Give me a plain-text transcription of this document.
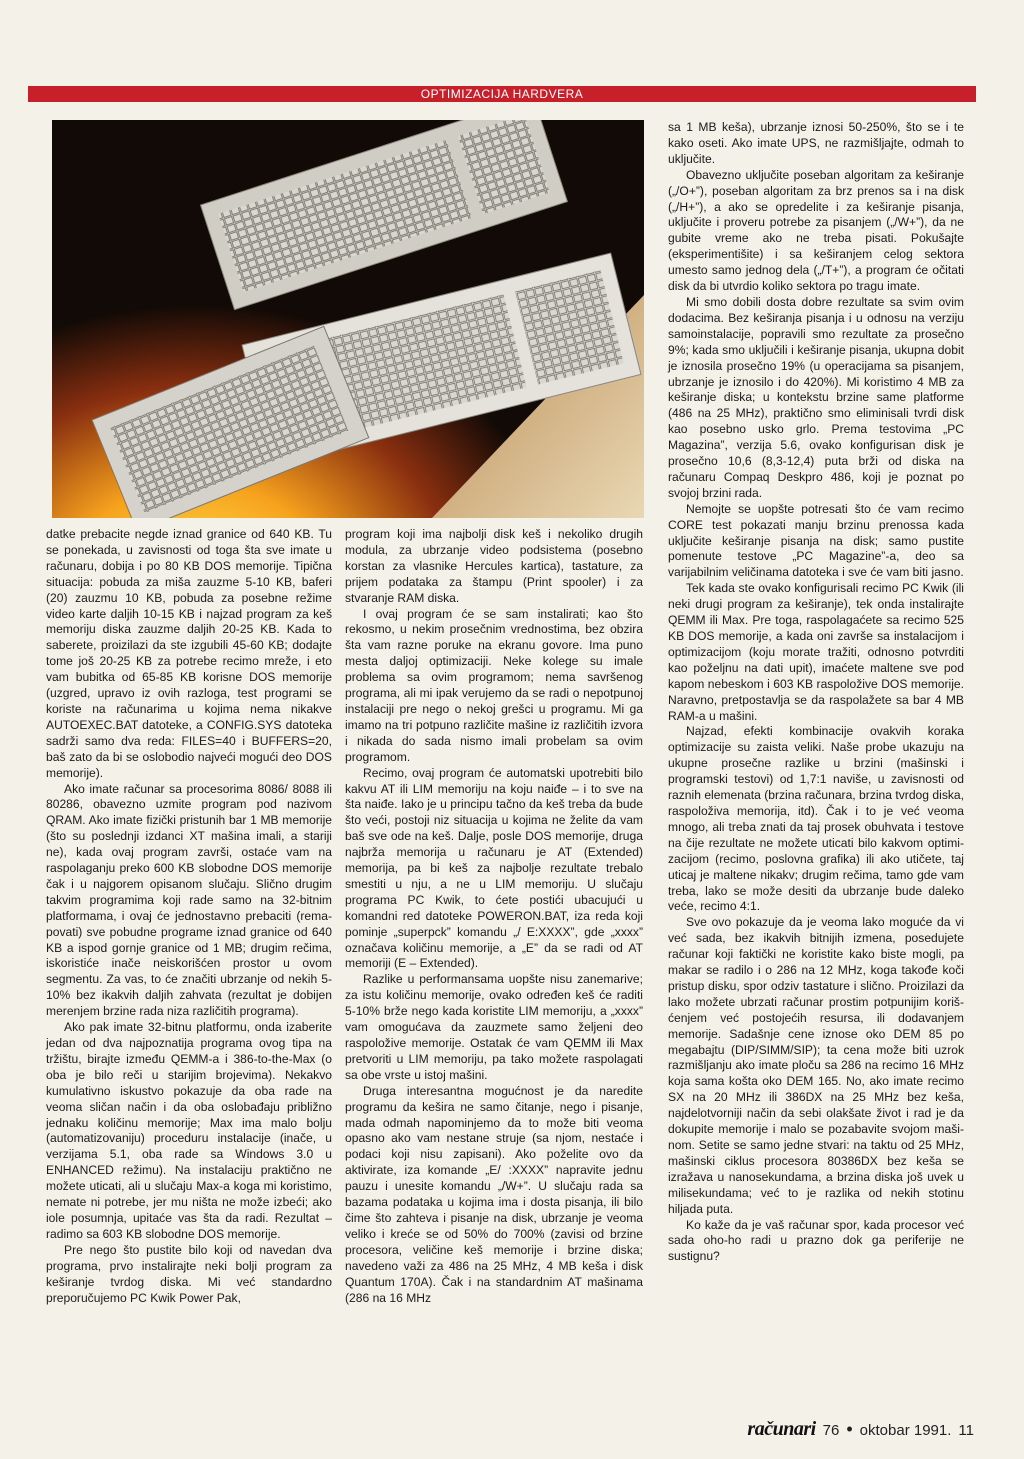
OPTIMIZACIJA HARDVERA

datke prebacite negde iznad granice od 640 KB. Tu se ponekada, u zavisnosti od toga šta sve imate u računaru, dobija i po 80 KB DOS memorije. Tipična situacija: pobuda za miša zauzme 5-10 KB, baferi (20) zauzmu 10 KB, pobuda za posebne režime video karte daljih 10-15 KB i najzad program za keš memoriju diska zauzme daljih 20-25 KB. Kada to saberete, proizilazi da ste izgubili 45-60 KB; dodajte tome još 20-25 KB za potrebe recimo mreže, i eto vam bubitka od 65-85 KB korisne DOS memorije (uzgred, upravo iz ovih razloga, test programi se koriste na računarima u kojima nema nikakve AUTOEXEC.BAT datoteke, a CONFIG.SYS datoteka sadrži samo dva reda: FILES=40 i BUFFERS=20, baš zato da bi se oslobodio najveći mogući deo DOS memorije).

Ako imate računar sa procesorima 8086/ 8088 ili 80286, obavezno uzmite program pod nazivom QRAM. Ako imate fizički pristunih bar 1 MB memorije (što su poslednji izdanci XT mašina imali, a stariji ne), kada ovaj program završi, ostaće vam na raspolaganju preko 600 KB slobodne DOS memorije čak i u najgorem opisanom slučaju. Slično drugim takvim programima koji rade samo na 32-bitnim platformama, i ovaj će jednostavno prebaciti (remapovati) sve pobudne programe iznad granice od 640 KB a ispod gornje granice od 1 MB; drugim rečima, iskoristiće inače neiskorišćen prostor u ovom segmentu. Za vas, to će značiti ubrzanje od nekih 5-10% bez ikakvih daljih zahvata (rezultat je dobijen merenjem brzine rada niza različitih programa).

Ako pak imate 32-bitnu platformu, onda izaberite jedan od dva najpoznatija programa ovog tipa na tržištu, birajte između QEMM-a i 386-to-the-Max (o oba je bilo reči u starijim brojevima). Nekakvo kumulativno iskustvo pokazuje da oba rade na veoma sličan način i da oba oslobađaju približno jednaku količinu memorije; Max ima malo bolju (automatizovaniju) proceduru instalacije (inače, u verzijama 5.1, oba rade sa Windows 3.0 u ENHANCED režimu). Na instalaciju praktično ne možete uticati, ali u slučaju Max-a koga mi koristimo, nemate ni potrebe, jer mu ništa ne može izbeći; ako iole posumnja, upitaće vas šta da radi. Rezultat – radimo sa 603 KB slobodne DOS memorije.

Pre nego što pustite bilo koji od navedan dva programa, prvo instalirajte neki bolji program za keširanje tvrdog diska. Mi već standardno preporučujemo PC Kwik Power Pak,

program koji ima najbolji disk keš i nekoliko drugih modula, za ubrzanje video podsistema (posebno korstan za vlasnike Hercules kartica), tastature, za prijem podataka za štampu (Print spooler) i za stvaranje RAM diska.

I ovaj program će se sam instalirati; kao što rekosmo, u nekim prosečnim vrednostima, bez obzira šta vam razne poruke na ekranu govore. Ima puno mesta daljoj optimizaciji. Neke kolege su imale problema sa ovim programom; nema savršenog programa, ali mi ipak verujemo da se radi o nepotpunoj instalaciji pre nego o nekoj grešci u programu. Mi ga imamo na tri potpuno različite mašine iz različitih izvora i nikada do sada nismo imali probelam sa ovim programom.

Recimo, ovaj program će automatski upotrebiti bilo kakvu AT ili LIM memoriju na koju naiđe – i to sve na šta naiđe. Iako je u principu tačno da keš treba da bude što veći, postoji niz situacija u kojima ne želite da vam baš sve ode na keš. Dalje, posle DOS memorije, druga najbrža memorija u računaru je AT (Extended) memorija, pa bi keš za najbolje rezultate trebalo smestiti u nju, a ne u LIM memoriju. U slučaju programa PC Kwik, to ćete postići ubacujući u komandni red datoteke POWERON.BAT, iza reda koji pominje „superpck” komandu „/ E:XXXX”, gde „xxxx” označava količinu memorije, a „E” da se radi od AT memoriji (E – Extended).

Razlike u performansama uopšte nisu zanemarive; za istu količinu memorije, ovako određen keš će raditi 5-10% brže nego kada koristite LIM memoriju, a „xxxx” vam omogućava da zauzmete samo željeni deo raspoložive memorije. Ostatak će vam QEMM ili Max pretvoriti u LIM memoriju, pa tako možete raspolagati sa obe vrste u istoj mašini.

Druga interesantna mogućnost je da naredite programu da kešira ne samo čitanje, nego i pisanje, mada odmah napominjemo da to može biti veoma opasno ako vam nestane struje (sa njom, nestaće i podaci koji nisu zapisani). Ako poželite ovo da aktivirate, iza komande „E/ :XXXX” napravite jednu pauzu i unesite komandu „/W+”. U slučaju rada sa bazama podataka u kojima ima i dosta pisanja, ili bilo čime što zahteva i pisanje na disk, ubrzanje je veoma veliko i kreće se od 50% do 700% (zavisi od brzine procesora, veličine keš memorije i brzine diska; navedeno važi za 486 na 25 MHz, 4 MB keša i disk Quantum 170A). Čak i na standardnim AT mašinama (286 na 16 MHz

sa 1 MB keša), ubrzanje iznosi 50-250%, što se i te kako oseti. Ako imate UPS, ne razmišljajte, odmah to uključite.

Obavezno uključite poseban algoritam za keširanje („/O+”), poseban algoritam za brz prenos sa i na disk („/H+”), a ako se opredelite i za keširanje pisanja, uključite i proveru potrebe za pisanjem („/W+”), da ne gubite vreme ako ne treba pisati. Pokušajte (eksperimentišite) i sa keširanjem celog sektora umesto samo jednog dela („/T+”), a program će očitati disk da bi utvrdio koliko sektora po tragu imate.

Mi smo dobili dosta dobre rezultate sa svim ovim dodacima. Bez keširanja pisanja i u odnosu na verziju samoinstalacije, popravili smo rezultate za prosečno 9%; kada smo uključili i keširanje pisanja, ukupna dobit je iznosila prosečno 19% (u operacijama sa pisanjem, ubrzanje je iznosilo i do 420%). Mi koristimo 4 MB za keširanje diska; u kontekstu brzine same platforme (486 na 25 MHz), praktično smo eliminisali tvrdi disk kao posebno usko grlo. Prema testovima „PC Magazina”, verzija 5.6, ovako konfigurisan disk je prosečno 10,6 (8,3-12,4) puta brži od diska na računaru Compaq Deskpro 486, koji je poznat po svojoj brzini rada.

Nemojte se uopšte potresati što će vam recimo CORE test pokazati manju brzinu prenossa kada uključite keširanje pisanja na disk; samo pustite pomenute testove „PC Magazine”-a, deo sa varijabilnim veličinama datoteka i sve će vam biti jasno.

Tek kada ste ovako konfigurisali recimo PC Kwik (ili neki drugi program za keširanje), tek onda instalirajte QEMM ili Max. Pre toga, raspolagaćete sa recimo 525 KB DOS memorije, a kada oni završe sa instalacijom i optimizacijom (koju morate tražiti, odnosno potvrditi kao poželjnu na dati upit), imaćete maltene sve pod kapom nebeskom i 603 KB raspoložive DOS memorije. Naravno, pretpostavlja se da raspolažete sa bar 4 MB RAM-a u mašini.

Najzad, efekti kombinacije ovakvih koraka optimizacije su zaista veliki. Naše probe ukazuju na ukupne prosečne razlike u brzini (mašinski i programski testovi) od 1,7:1 naviše, u zavisnosti od raznih elemenata (brzina računara, brzina tvrdog diska, raspoloživa memorija, itd). Čak i to je već veoma mnogo, ali treba znati da taj prosek obuhvata i testove na čije rezultate ne možete uticati bilo kakvom optimizacijom (recimo, poslovna grafika) ili ako utičete, taj uticaj je maltene nikakv; drugim rečima, tamo gde vam treba, lako se može desiti da ubrzanje bude daleko veće, recimo 4:1.

Sve ovo pokazuje da je veoma lako moguće da vi već sada, bez ikakvih bitnijih izmena, posedujete računar koji faktički ne koristite kako biste mogli, pa makar se radilo i o 286 na 12 MHz, koga takođe koči pristup disku, spor odziv tastature i slično. Proizilazi da lako možete ubrzati računar prostim potpunijim korišćenjem već postojećih resursa, ili dodavanjem memorije. Sadašnje cene iznose oko DEM 85 po megabajtu (DIP/SIMM/SIP); ta cena može biti uzrok razmišljanju ako imate ploču sa 286 na recimo 16 MHz koja sama košta oko DEM 165. No, ako imate recimo SX na 20 MHz ili 386DX na 25 MHz bez keša, najdelotvorniji način da sebi olakšate život i rad je da dokupite memorije i malo se pozabavite svojom mašinom. Setite se samo jedne stvari: na taktu od 25 MHz, mašinski ciklus procesora 80386DX bez keša se izražava u nanosekundama, a brzina diska još uvek u milisekundama; već to je razlika od nekih stotinu hiljada puta.

Ko kaže da je vaš računar spor, kada procesor već sada oho-ho radi u prazno dok ga periferije ne sustignu?

računari 76 • oktobar 1991. 11
